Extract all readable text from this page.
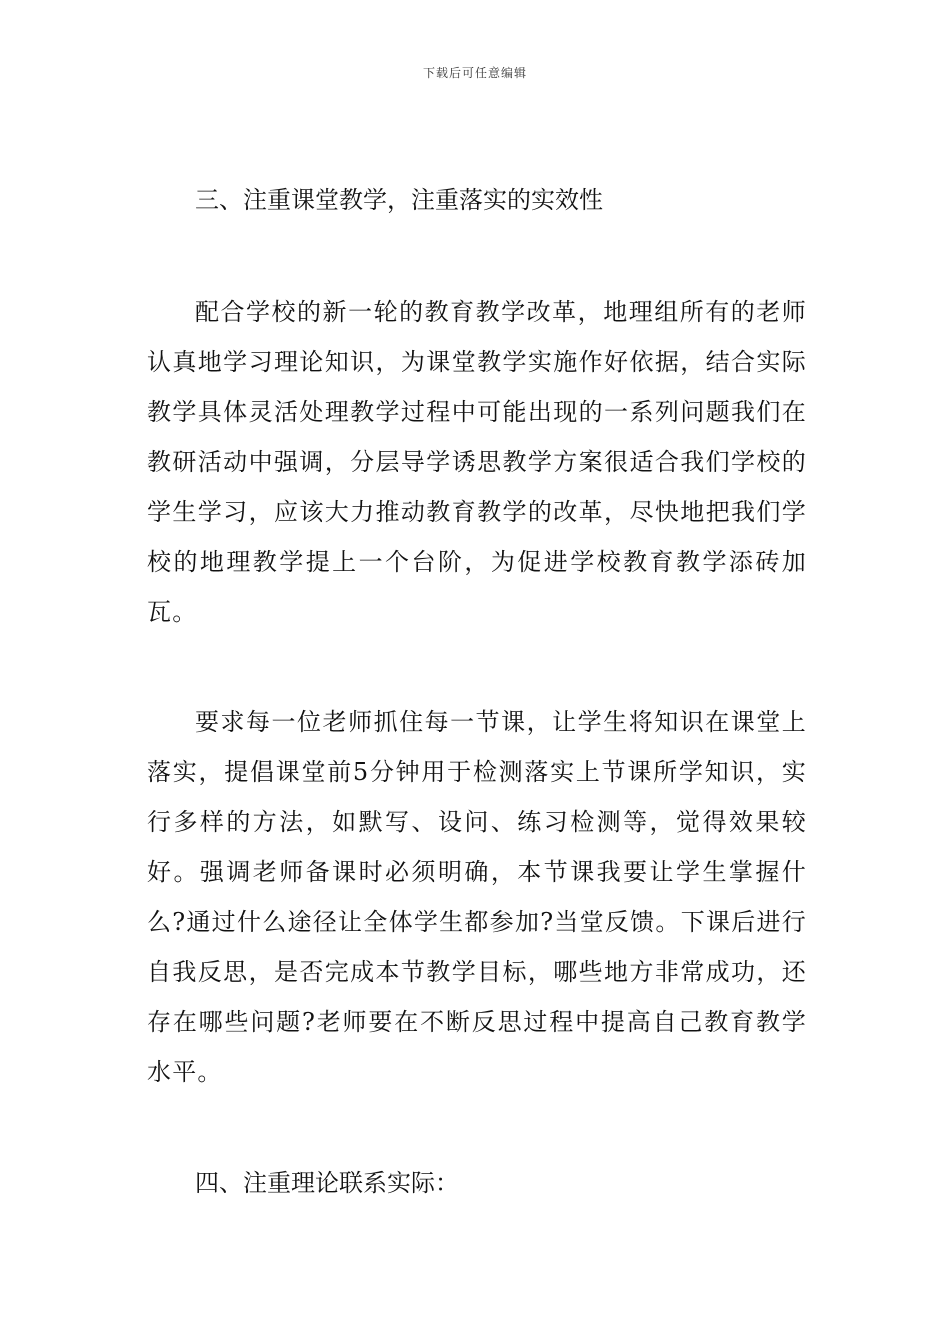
下载后可任意编辑
三、注重课堂教学，注重落实的实效性

配合学校的新一轮的教育教学改革，地理组所有的老师认真地学习理论知识，为课堂教学实施作好依据，结合实际教学具体灵活处理教学过程中可能出现的一系列问题我们在教研活动中强调，分层导学诱思教学方案很适合我们学校的学生学习，应该大力推动教育教学的改革，尽快地把我们学校的地理教学提上一个台阶，为促进学校教育教学添砖加瓦。

要求每一位老师抓住每一节课，让学生将知识在课堂上落实，提倡课堂前5分钟用于检测落实上节课所学知识，实行多样的方法，如默写、设问、练习检测等，觉得效果较好。强调老师备课时必须明确，本节课我要让学生掌握什么?通过什么途径让全体学生都参加?当堂反馈。下课后进行自我反思，是否完成本节教学目标，哪些地方非常成功，还存在哪些问题?老师要在不断反思过程中提高自己教育教学水平。

四、注重理论联系实际：
